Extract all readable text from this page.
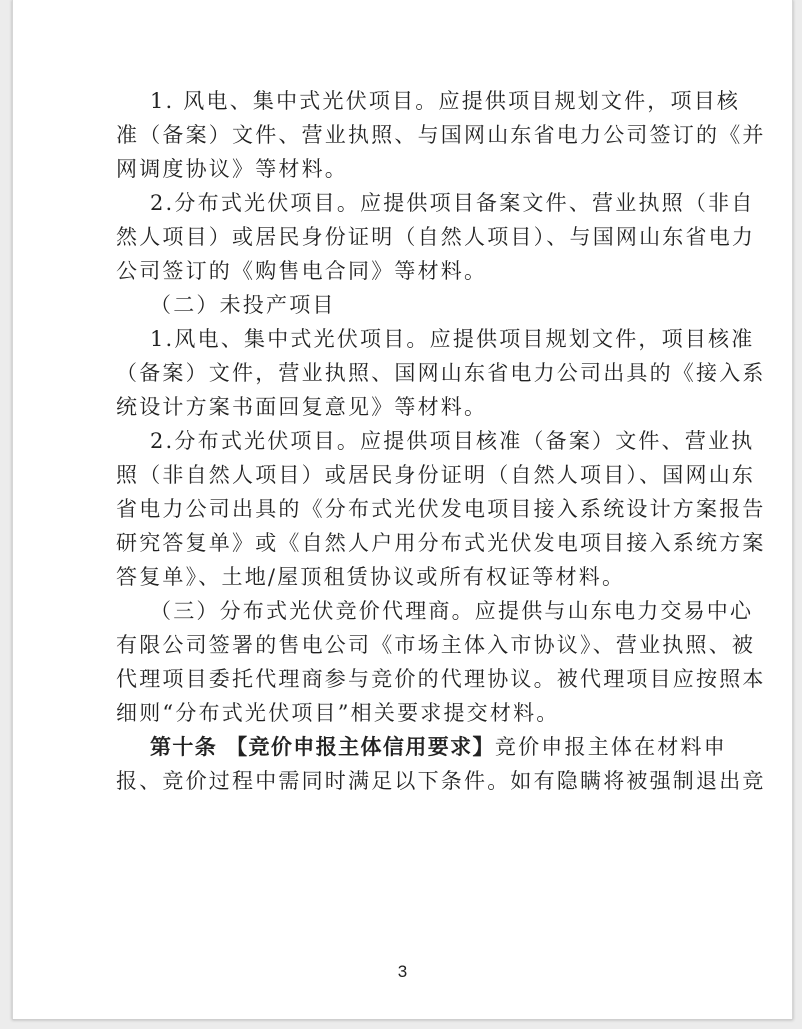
1. 风电、集中式光伏项目。应提供项目规划文件，项目核
准（备案）文件、营业执照、与国网山东省电力公司签订的《并
网调度协议》等材料。
2.分布式光伏项目。应提供项目备案文件、营业执照（非自
然人项目）或居民身份证明（自然人项目）、与国网山东省电力
公司签订的《购售电合同》等材料。
（二）未投产项目
1.风电、集中式光伏项目。应提供项目规划文件，项目核准
（备案）文件，营业执照、国网山东省电力公司出具的《接入系
统设计方案书面回复意见》等材料。
2.分布式光伏项目。应提供项目核准（备案）文件、营业执
照（非自然人项目）或居民身份证明（自然人项目）、国网山东
省电力公司出具的《分布式光伏发电项目接入系统设计方案报告
研究答复单》或《自然人户用分布式光伏发电项目接入系统方案
答复单》、土地/屋顶租赁协议或所有权证等材料。
（三）分布式光伏竞价代理商。应提供与山东电力交易中心
有限公司签署的售电公司《市场主体入市协议》、营业执照、被
代理项目委托代理商参与竞价的代理协议。被代理项目应按照本
细则“分布式光伏项目”相关要求提交材料。
第十条 【竞价申报主体信用要求】竞价申报主体在材料申
报、竞价过程中需同时满足以下条件。如有隐瞒将被强制退出竞
3
